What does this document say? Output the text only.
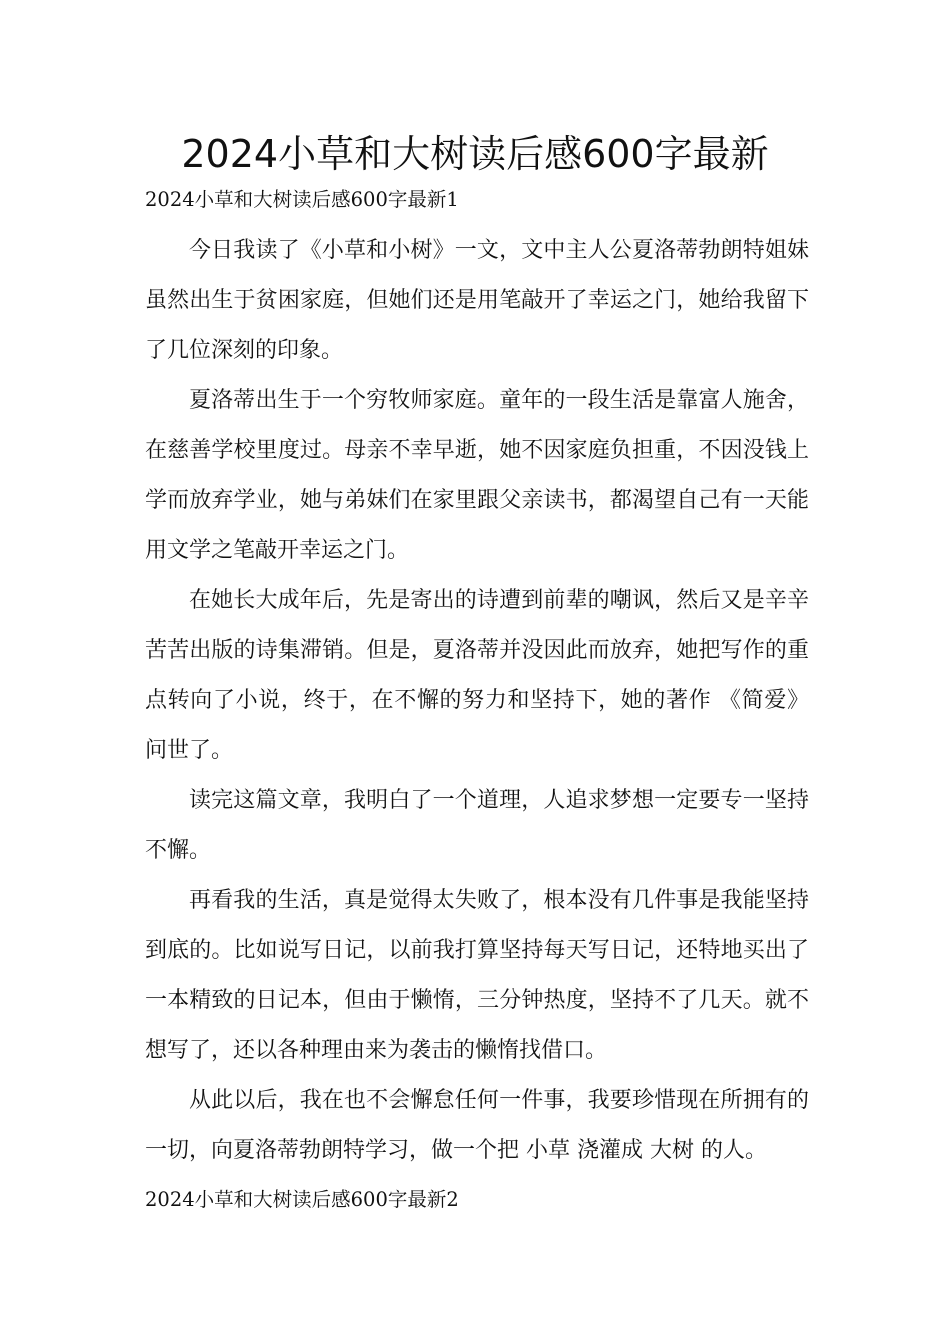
2024小草和大树读后感600字最新

2024小草和大树读后感600字最新1

今日我读了《小草和小树》一文，文中主人公夏洛蒂勃朗特姐妹虽然出生于贫困家庭，但她们还是用笔敲开了幸运之门，她给我留下了几位深刻的印象。

夏洛蒂出生于一个穷牧师家庭。童年的一段生活是靠富人施舍，在慈善学校里度过。母亲不幸早逝，她不因家庭负担重，不因没钱上学而放弃学业，她与弟妹们在家里跟父亲读书，都渴望自己有一天能用文学之笔敲开幸运之门。

在她长大成年后，先是寄出的诗遭到前辈的嘲讽，然后又是辛辛苦苦出版的诗集滞销。但是，夏洛蒂并没因此而放弃，她把写作的重点转向了小说，终于，在不懈的努力和坚持下，她的著作 《简爱》问世了。

读完这篇文章，我明白了一个道理，人追求梦想一定要专一坚持不懈。

再看我的生活，真是觉得太失败了，根本没有几件事是我能坚持到底的。比如说写日记，以前我打算坚持每天写日记，还特地买出了一本精致的日记本，但由于懒惰，三分钟热度，坚持不了几天。就不想写了，还以各种理由来为袭击的懒惰找借口。

从此以后，我在也不会懈怠任何一件事，我要珍惜现在所拥有的一切，向夏洛蒂勃朗特学习，做一个把 小草 浇灌成 大树 的人。

2024小草和大树读后感600字最新2
